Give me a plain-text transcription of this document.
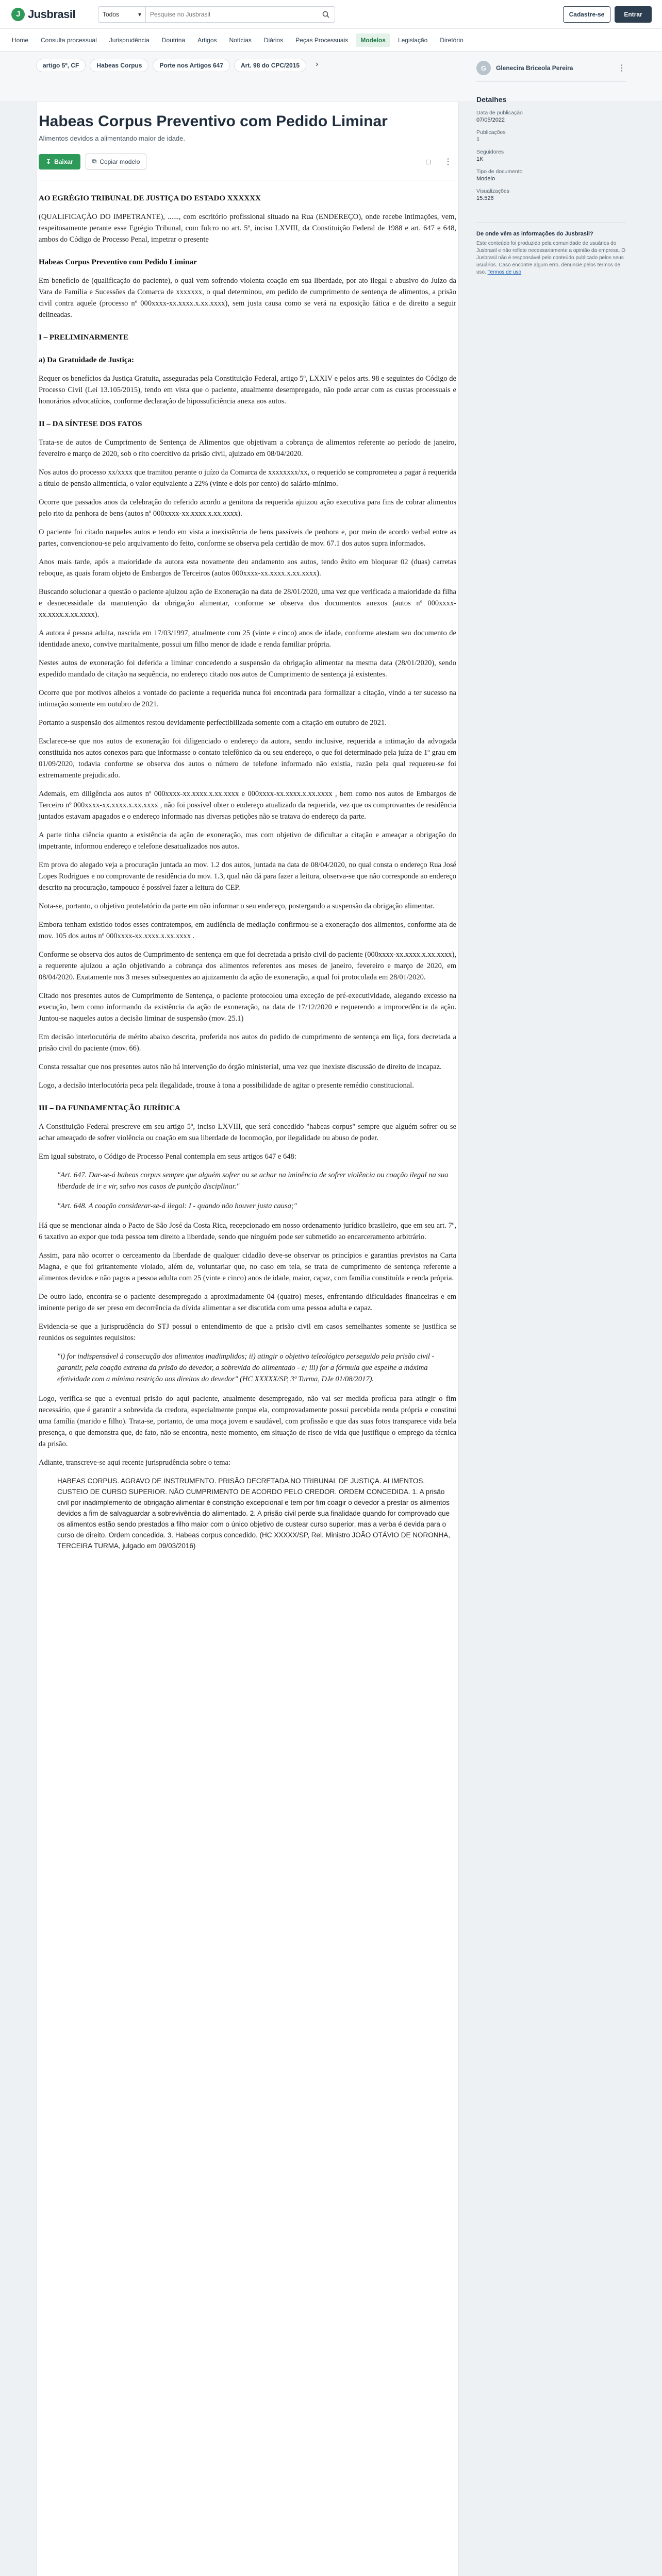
J Jusbrasil	Todos	▾
Pesquise no Jusbrasil	Cadastre-se	Entrar
Home	Consulta processual	Jurisprudência	Doutrina	Artigos	Notícias	Diários	Peças Processuais	Modelos	Legislação	Diretório
artigo 5º, CF	Habeas Corpus	Porte nos Artigos 647	Art. 98 do CPC/2015	›
Habeas Corpus Preventivo com Pedido Liminar
Alimentos devidos a alimentando maior de idade.
↧ Baixar	⧉ Copiar modelo	□	⋮
AO EGRÉGIO TRIBUNAL DE JUSTIÇA DO ESTADO XXXXXX

(QUALIFICAÇÃO DO IMPETRANTE), ......, com escritório profissional situado na Rua (ENDEREÇO), onde recebe intimações, vem, respeitosamente perante esse Egrégio Tribunal, com fulcro no art. 5º, inciso LXVIII, da Constituição Federal de 1988 e art. 647 e 648, ambos do Código de Processo Penal, impetrar o presente

Habeas Corpus Preventivo com Pedido Liminar

Em benefício de (qualificação do paciente), o qual vem sofrendo violenta coação em sua liberdade, por ato ilegal e abusivo do Juízo da Vara de Família e Sucessões da Comarca de xxxxxxx, o qual determinou, em pedido de cumprimento de sentença de alimentos, a prisão civil contra aquele (processo nº 000xxxx-xx.xxxx.x.xx.xxxx), sem justa causa como se verá na exposição fática e de direito a seguir delineadas.

I – PRELIMINARMENTE
a) Da Gratuidade de Justiça:

Requer os benefícios da Justiça Gratuita, asseguradas pela Constituição Federal, artigo 5º, LXXIV e pelos arts. 98 e seguintes do Código de Processo Civil (Lei 13.105/2015), tendo em vista que o paciente, atualmente desempregado, não pode arcar com as custas processuais e honorários advocatícios, conforme declaração de hipossuficiência anexa aos autos.

II – DA SÍNTESE DOS FATOS

Trata-se de autos de Cumprimento de Sentença de Alimentos que objetivam a cobrança de alimentos referente ao período de janeiro, fevereiro e março de 2020, sob o rito coercitivo da prisão civil, ajuizado em 08/04/2020.

Nos autos do processo xx/xxxx que tramitou perante o juízo da Comarca de xxxxxxxx/xx, o requerido se comprometeu a pagar à requerida a título de pensão alimentícia, o valor equivalente a 22% (vinte e dois por cento) do salário-mínimo.

Ocorre que passados anos da celebração do referido acordo a genitora da requerida ajuizou ação executiva para fins de cobrar alimentos pelo rito da penhora de bens (autos nº 000xxxx-xx.xxxx.x.xx.xxxx).

O paciente foi citado naqueles autos e tendo em vista a inexistência de bens passíveis de penhora e, por meio de acordo verbal entre as partes, convencionou-se pelo arquivamento do feito, conforme se observa pela certidão de mov. 67.1 dos autos supra informados.

Anos mais tarde, após a maioridade da autora esta novamente deu andamento aos autos, tendo êxito em bloquear 02 (duas) carretas reboque, as quais foram objeto de Embargos de Terceiros (autos 000xxxx-xx.xxxx.x.xx.xxxx).

Buscando solucionar a questão o paciente ajuizou ação de Exoneração na data de 28/01/2020, uma vez que verificada a maioridade da filha e desnecessidade da manutenção da obrigação alimentar, conforme se observa dos documentos anexos (autos nº 000xxxx-xx.xxxx.x.xx.xxxx).

A autora é pessoa adulta, nascida em 17/03/1997, atualmente com 25 (vinte e cinco) anos de idade, conforme atestam seu documento de identidade anexo, convive maritalmente, possui um filho menor de idade e renda familiar própria.

Nestes autos de exoneração foi deferida a liminar concedendo a suspensão da obrigação alimentar na mesma data (28/01/2020), sendo expedido mandado de citação na sequência, no endereço citado nos autos de Cumprimento de sentença já existentes.

Ocorre que por motivos alheios a vontade do paciente a requerida nunca foi encontrada para formalizar a citação, vindo a ter sucesso na intimação somente em outubro de 2021.

Portanto a suspensão dos alimentos restou devidamente perfectibilizada somente com a citação em outubro de 2021.

Esclarece-se que nos autos de exoneração foi diligenciado o endereço da autora, sendo inclusive, requerida a intimação da advogada constituída nos autos conexos para que informasse o contato telefônico da ou seu endereço, o que foi determinado pela juíza de 1º grau em 01/09/2020, todavia conforme se observa dos autos o número de telefone informado não existia, razão pela qual requereu-se foi extremamente prejudicado.

Ademais, em diligência aos autos nº 000xxxx-xx.xxxx.x.xx.xxxx e 000xxxx-xx.xxxx.x.xx.xxxx , bem como nos autos de Embargos de Terceiro nº 000xxxx-xx.xxxx.x.xx.xxxx , não foi possível obter o endereço atualizado da requerida, vez que os comprovantes de residência juntados estavam apagados e o endereço informado nas diversas petições não se tratava do endereço da parte.

A parte tinha ciência quanto a existência da ação de exoneração, mas com objetivo de dificultar a citação e ameaçar a obrigação do impetrante, informou endereço e telefone desatualizados nos autos.

Em prova do alegado veja a procuração juntada ao mov. 1.2 dos autos, juntada na data de 08/04/2020, no qual consta o endereço Rua José Lopes Rodrigues e no comprovante de residência do mov. 1.3, qual não dá para fazer a leitura, observa-se que não corresponde ao endereço descrito na procuração, tampouco é possível fazer a leitura do CEP.

Nota-se, portanto, o objetivo protelatório da parte em não informar o seu endereço, postergando a suspensão da obrigação alimentar.

Embora tenham existido todos esses contratempos, em audiência de mediação confirmou-se a exoneração dos alimentos, conforme ata de mov. 105 dos autos nº 000xxxx-xx.xxxx.x.xx.xxxx .

Conforme se observa dos autos de Cumprimento de sentença em que foi decretada a prisão civil do paciente (000xxxx-xx.xxxx.x.xx.xxxx), a requerente ajuizou a ação objetivando a cobrança dos alimentos referentes aos meses de janeiro, fevereiro e março de 2020, em 08/04/2020. Exatamente nos 3 meses subsequentes ao ajuizamento da ação de exoneração, a qual foi protocolada em 28/01/2020.

Citado nos presentes autos de Cumprimento de Sentença, o paciente protocolou uma exceção de pré-executividade, alegando excesso na execução, bem como informando da existência da ação de exoneração, na data de 17/12/2020 e requerendo a improcedência da ação. Juntou-se naqueles autos a decisão liminar de suspensão (mov. 25.1)

Em decisão interlocutória de mérito abaixo descrita, proferida nos autos do pedido de cumprimento de sentença em liça, fora decretada a prisão civil do paciente (mov. 66).

Consta ressaltar que nos presentes autos não há intervenção do órgão ministerial, uma vez que inexiste discussão de direito de incapaz.

Logo, a decisão interlocutória peca pela ilegalidade, trouxe à tona a possibilidade de agitar o presente remédio constitucional.

III – DA FUNDAMENTAÇÃO JURÍDICA

A Constituição Federal prescreve em seu artigo 5º, inciso LXVIII, que será concedido "habeas corpus" sempre que alguém sofrer ou se achar ameaçado de sofrer violência ou coação em sua liberdade de locomoção, por ilegalidade ou abuso de poder.

Em igual substrato, o Código de Processo Penal contempla em seus artigos 647 e 648:

"Art. 647. Dar-se-á habeas corpus sempre que alguém sofrer ou se achar na iminência de sofrer violência ou coação ilegal na sua liberdade de ir e vir, salvo nos casos de punição disciplinar."
"Art. 648. A coação considerar-se-á ilegal: I - quando não houver justa causa;"

Há que se mencionar ainda o Pacto de São José da Costa Rica, recepcionado em nosso ordenamento jurídico brasileiro, que em seu art. 7º, 6 taxativo ao expor que toda pessoa tem direito a liberdade, sendo que ninguém pode ser submetido ao encarceramento arbitrário.

Assim, para não ocorrer o cerceamento da liberdade de qualquer cidadão deve-se observar os princípios e garantias previstos na Carta Magna, e que foi gritantemente violado, além de, voluntariar que, no caso em tela, se trata de cumprimento de sentença referente a alimentos devidos e não pagos a pessoa adulta com 25 (vinte e cinco) anos de idade, maior, capaz, com família constituída e renda própria.

De outro lado, encontra-se o paciente desempregado a aproximadamente 04 (quatro) meses, enfrentando dificuldades financeiras e em iminente perigo de ser preso em decorrência da dívida alimentar a ser discutida com uma pessoa adulta e capaz.

Evidencia-se que a jurisprudência do STJ possui o entendimento de que a prisão civil em casos semelhantes somente se justifica se reunidos os seguintes requisitos:

"i) for indispensável à consecução dos alimentos inadimplidos; ii) atingir o objetivo teleológico perseguido pela prisão civil - garantir, pela coação extrema da prisão do devedor, a sobrevida do alimentado - e; iii) for a fórmula que espelhe a máxima efetividade com a mínima restrição aos direitos do devedor" (HC XXXXX/SP, 3ª Turma, DJe 01/08/2017).

Logo, verifica-se que a eventual prisão do aqui paciente, atualmente desempregado, não vai ser medida profícua para atingir o fim necessário, que é garantir a sobrevida da credora, especialmente porque ela, comprovadamente possui percebida renda própria e constitui uma família (marido e filho). Trata-se, portanto, de uma moça jovem e saudável, com profissão e que das suas fotos transparece vida bela presença, o que demonstra que, de fato, não se encontra, neste momento, em situação de risco de vida que justifique o emprego da técnica da prisão.

Adiante, transcreve-se aqui recente jurisprudência sobre o tema:

HABEAS CORPUS. AGRAVO DE INSTRUMENTO. PRISÃO DECRETADA NO TRIBUNAL DE JUSTIÇA. ALIMENTOS. CUSTEIO DE CURSO SUPERIOR. NÃO CUMPRIMENTO DE ACORDO PELO CREDOR. ORDEM CONCEDIDA. 1. A prisão civil por inadimplemento de obrigação alimentar é constrição excepcional e tem por fim coagir o devedor a prestar os alimentos devidos a fim de salvaguardar a sobrevivência do alimentado. 2. A prisão civil perde sua finalidade quando for comprovado que os alimentos estão sendo prestados a filho maior com o único objetivo de custear curso superior, mas a verba é devida para o curso de direito. Ordem concedida. 3. Habeas corpus concedido. (HC XXXXX/SP, Rel. Ministro JOÃO OTÁVIO DE NORONHA, TERCEIRA TURMA, julgado em 09/03/2016)
G	Glenecira Briceola Pereira	⋮
Detalhes
Data de publicação
07/05/2022
Publicações
1
Seguidores
1K
Tipo de documento
Modelo
Visualizações
15.526
De onde vêm as informações do Jusbrasil?
Este conteúdo foi produzido pela comunidade de usuários do Jusbrasil e não reflete necessariamente a opinião da empresa. O Jusbrasil não é responsável pelo conteúdo publicado pelos seus usuários. Caso encontre algum erro, denuncie pelos termos de uso. Termos de uso
